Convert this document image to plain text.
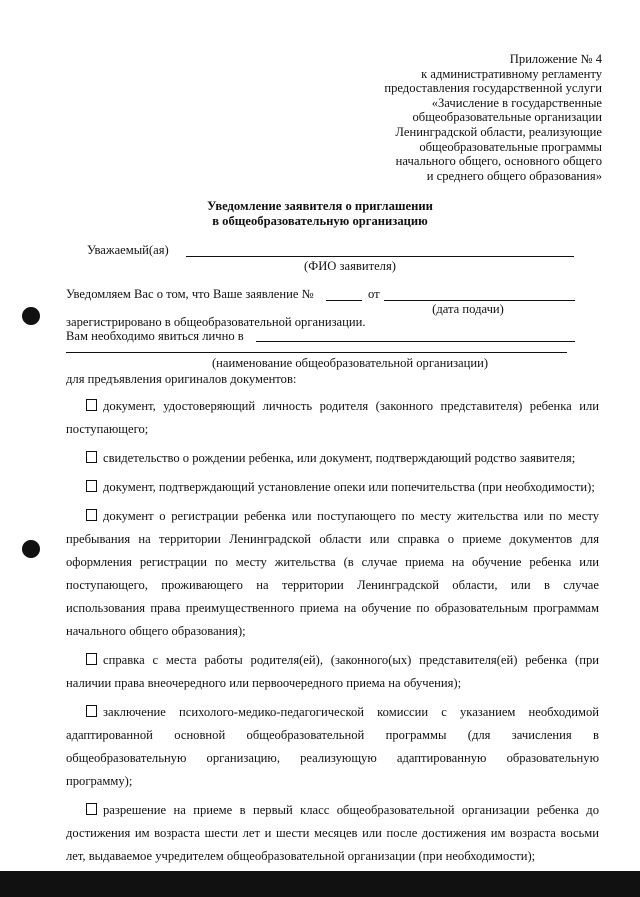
Приложение № 4
к административному регламенту
предоставления государственной услуги
«Зачисление в государственные
общеобразовательные организации
Ленинградской области, реализующие
общеобразовательные программы
начального общего, основного общего
и среднего общего образования»
Уведомление заявителя о приглашении
в общеобразовательную организацию
Уважаемый(ая)
(ФИО заявителя)
Уведомляем Вас о том, что Ваше заявление №	от
(дата подачи)
зарегистрировано в общеобразовательной организации.
Вам необходимо явиться лично в
(наименование общеобразовательной организации)
для предъявления оригиналов документов:

документ, удостоверяющий личность родителя (законного представителя) ребенка или поступающего;

свидетельство о рождении ребенка, или документ, подтверждающий родство заявителя;

документ, подтверждающий установление опеки или попечительства (при необходимости);

документ о регистрации ребенка или поступающего по месту жительства или по месту пребывания на территории Ленинградской области или справка о приеме документов для оформления регистрации по месту жительства (в случае приема на обучение ребенка или поступающего, проживающего на территории Ленинградской области, или в случае использования права преимущественного приема на обучение по образовательным программам начального общего образования);

справка с места работы родителя(ей), (законного(ых) представителя(ей) ребенка (при наличии права внеочередного или первоочередного приема на обучения);

заключение психолого-медико-педагогической комиссии с указанием необходимой адаптированной основной общеобразовательной программы (для зачисления в общеобразовательную организацию, реализующую адаптированную образовательную программу);

разрешение на приеме в первый класс общеобразовательной организации ребенка до достижения им возраста шести лет и шести месяцев или после достижения им возраста восьми лет, выдаваемое учредителем общеобразовательной организации (при необходимости);
